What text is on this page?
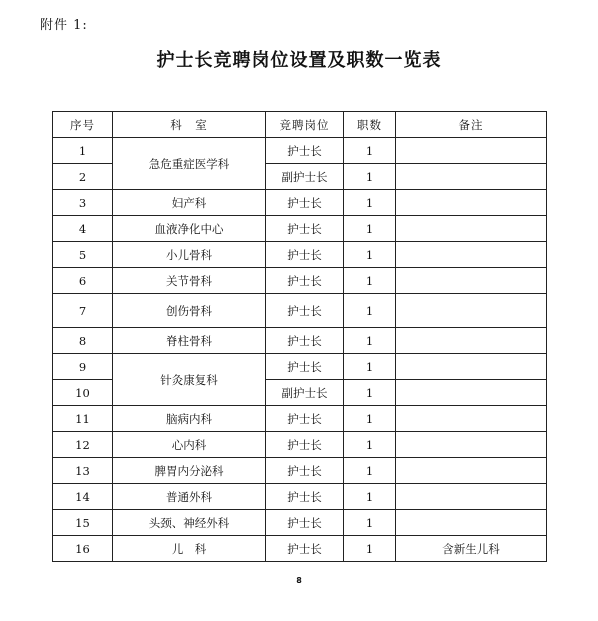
附件 1:
护士长竞聘岗位设置及职数一览表
序号	科　室	竞聘岗位	职数	备注
1	急危重症医学科	护士长	1	
2		副护士长	1	
3	妇产科	护士长	1	
4	血液净化中心	护士长	1	
5	小儿骨科	护士长	1	
6	关节骨科	护士长	1	
7	创伤骨科	护士长	1	
8	脊柱骨科	护士长	1	
9	针灸康复科	护士长	1	
10		副护士长	1	
11	脑病内科	护士长	1	
12	心内科	护士长	1	
13	脾胃内分泌科	护士长	1	
14	普通外科	护士长	1	
15	头颈、神经外科	护士长	1	
16	儿　科	护士长	1	含新生儿科
8
